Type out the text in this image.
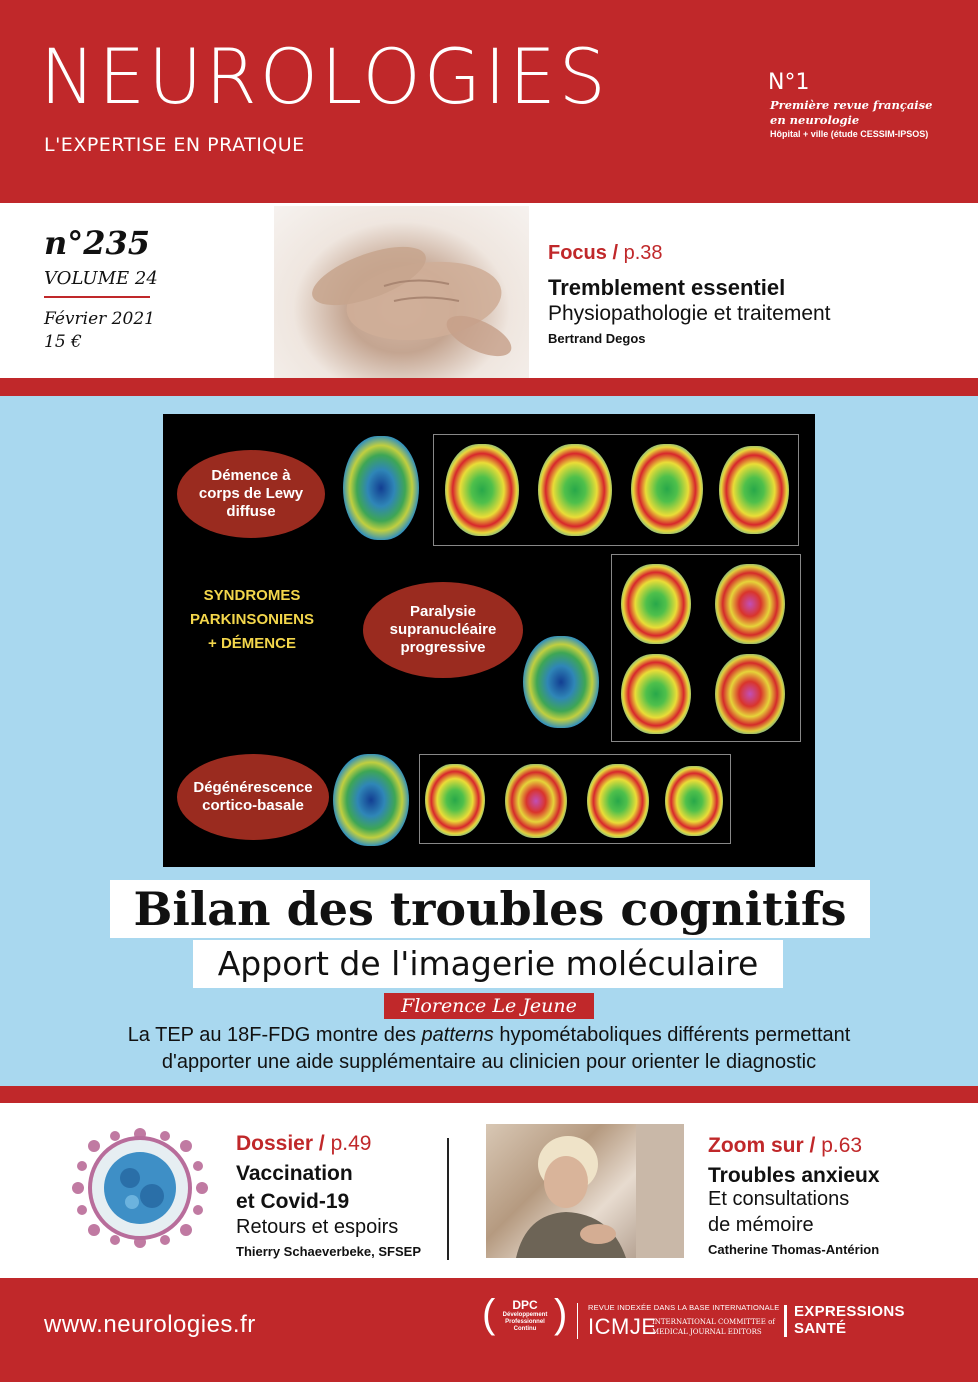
NEUROLOGIES
L'EXPERTISE EN PRATIQUE
N°1
Première revue française
en neurologie
Hôpital + ville (étude CESSIM-IPSOS)
n°235
VOLUME 24
Février 2021
15 €
Focus / p.38
Tremblement essentiel
Physiopathologie et traitement
Bertrand Degos
Démence à
corps de Lewy
diffuse
SYNDROMES
PARKINSONIENS
+ DÉMENCE
Paralysie
supranucléaire
progressive
Dégénérescence
cortico-basale
Bilan des troubles cognitifs
Apport de l'imagerie moléculaire
Florence Le Jeune
La TEP au 18F-FDG montre des patterns hypométaboliques différents permettant
d'apporter une aide supplémentaire au clinicien pour orienter le diagnostic
Dossier / p.49
Vaccination
et Covid-19
Retours et espoirs
Thierry Schaeverbeke, SFSEP
Zoom sur / p.63
Troubles anxieux
Et consultations
de mémoire
Catherine Thomas-Antérion
www.neurologies.fr	(	DPC
Développement
Professionnel
Continu )	REVUE INDEXÉE DANS LA BASE INTERNATIONALE
ICMJE
INTERNATIONAL COMMITTEE of
MEDICAL JOURNAL EDITORS
EXPRESSIONS
SANTÉ
